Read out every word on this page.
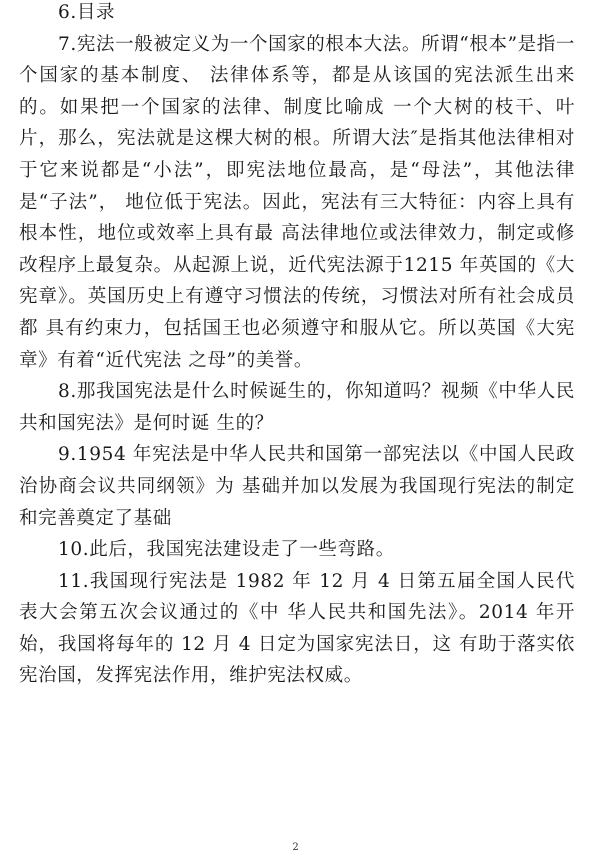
6.目录

7.宪法一般被定义为一个国家的根本大法。所谓“根本”是指一个国家的基本制度、 法律体系等，都是从该国的宪法派生出来的。如果把一个国家的法律、制度比喻成 一个大树的枝干、叶片，那么，宪法就是这棵大树的根。所谓大法″是指其他法律相对于它来说都是“小法”，即宪法地位最高，是“母法”，其他法律是“子法”， 地位低于宪法。因此，宪法有三大特征：内容上具有根本性，地位或效率上具有最 高法律地位或法律效力，制定或修改程序上最复杂。从起源上说，近代宪法源于1215 年英国的《大宪章》。英国历史上有遵守习惯法的传统，习惯法对所有社会成员都 具有约束力，包括国王也必须遵守和服从它。所以英国《大宪章》有着“近代宪法 之母”的美誉。

8.那我国宪法是什么时候诞生的，你知道吗？视频《中华人民共和国宪法》是何时诞 生的？

9.1954 年宪法是中华人民共和国第一部宪法以《中国人民政治协商会议共同纲领》为 基础并加以发展为我国现行宪法的制定和完善奠定了基础

10.此后，我国宪法建设走了一些弯路。

11.我国现行宪法是 1982 年 12 月 4 日第五届全国人民代表大会第五次会议通过的《中 华人民共和国先法》。2014 年开始，我国将每年的 12 月 4 日定为国家宪法日，这 有助于落实依宪治国，发挥宪法作用，维护宪法权威。

2
